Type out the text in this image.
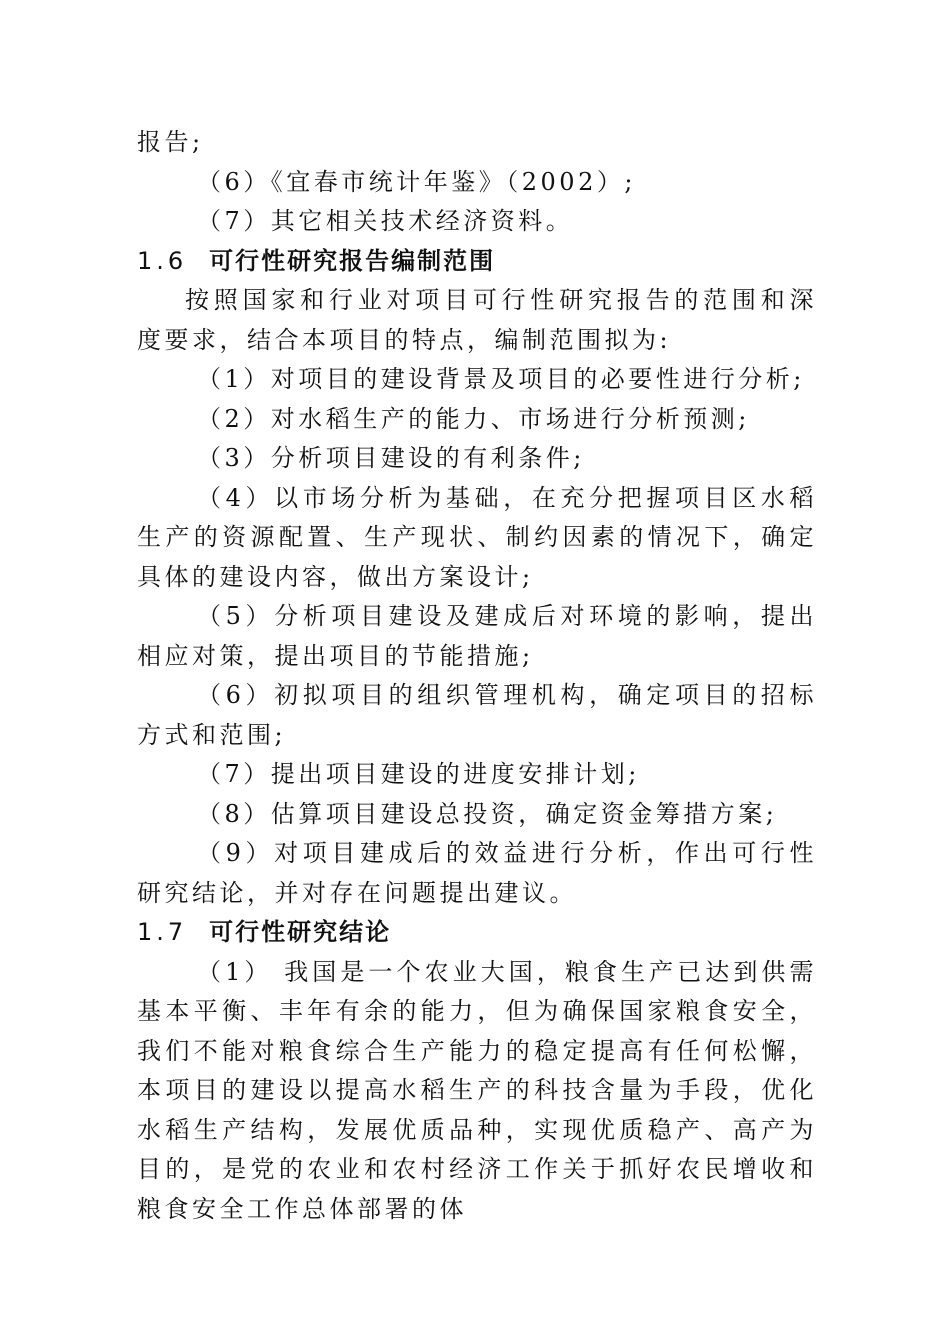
报告;

（6）《宜春市统计年鉴》（2002）;

（7）其它相关技术经济资料。

1.6 可行性研究报告编制范围

按照国家和行业对项目可行性研究报告的范围和深度要求，结合本项目的特点，编制范围拟为:

（1）对项目的建设背景及项目的必要性进行分析;

（2）对水稻生产的能力、市场进行分析预测;

（3）分析项目建设的有利条件;

（4）以市场分析为基础，在充分把握项目区水稻生产的资源配置、生产现状、制约因素的情况下，确定具体的建设内容，做出方案设计;

（5）分析项目建设及建成后对环境的影响，提出相应对策，提出项目的节能措施;

（6）初拟项目的组织管理机构，确定项目的招标方式和范围;

（7）提出项目建设的进度安排计划;

（8）估算项目建设总投资，确定资金筹措方案;

（9）对项目建成后的效益进行分析，作出可行性研究结论，并对存在问题提出建议。

1.7 可行性研究结论

（1） 我国是一个农业大国，粮食生产已达到供需基本平衡、丰年有余的能力，但为确保国家粮食安全，我们不能对粮食综合生产能力的稳定提高有任何松懈，本项目的建设以提高水稻生产的科技含量为手段，优化水稻生产结构，发展优质品种，实现优质稳产、高产为目的，是党的农业和农村经济工作关于抓好农民增收和粮食安全工作总体部署的体
